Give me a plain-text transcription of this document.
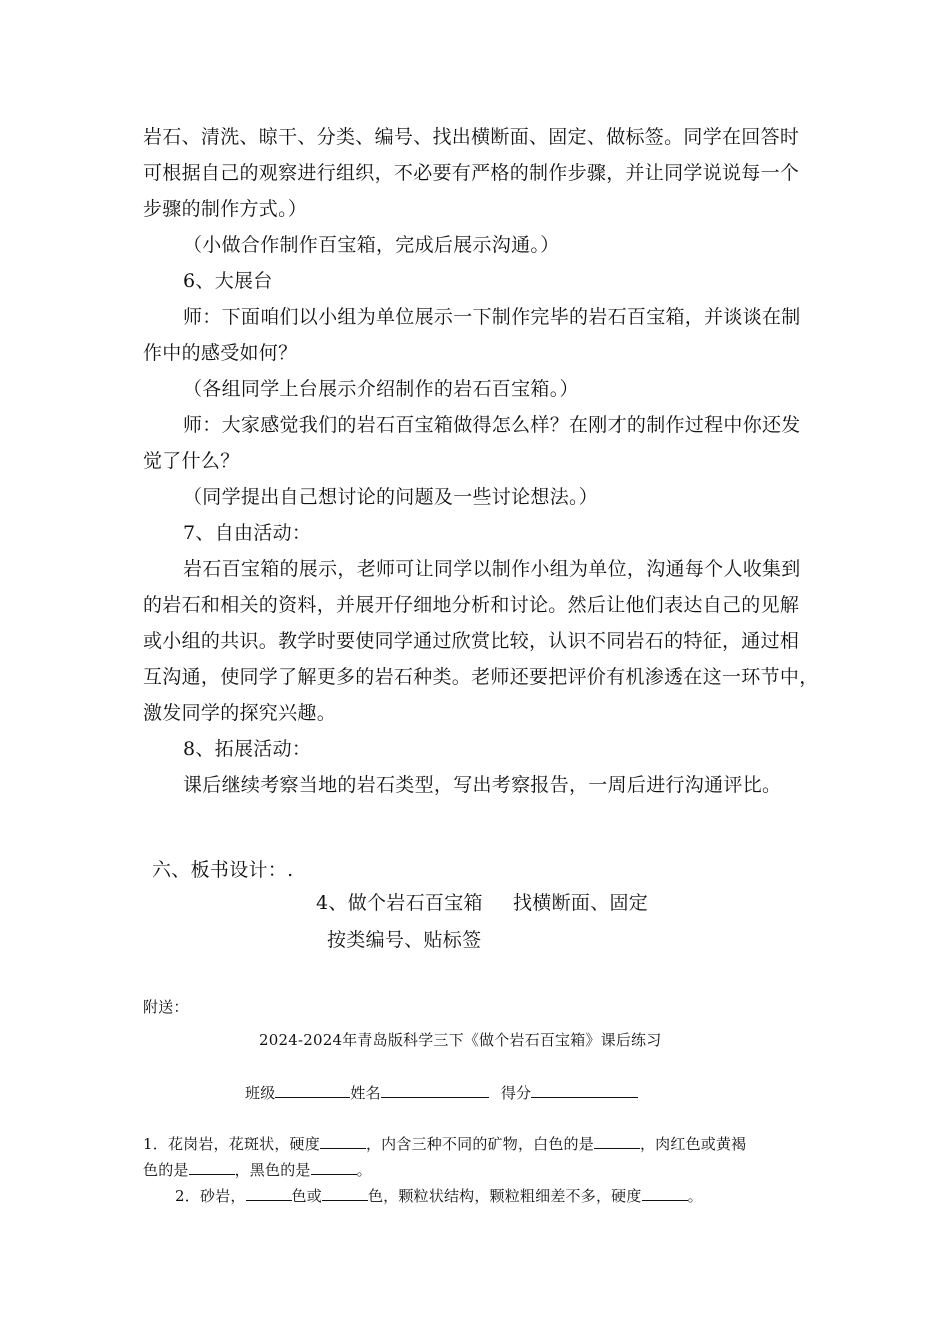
岩石、清洗、晾干、分类、编号、找出横断面、固定、做标签。同学在回答时
可根据自己的观察进行组织，不必要有严格的制作步骤，并让同学说说每一个
步骤的制作方式。）
（小做合作制作百宝箱，完成后展示沟通。）
6、大展台
师：下面咱们以小组为单位展示一下制作完毕的岩石百宝箱，并谈谈在制
作中的感受如何？
（各组同学上台展示介绍制作的岩石百宝箱。）
师：大家感觉我们的岩石百宝箱做得怎么样？在刚才的制作过程中你还发
觉了什么？
（同学提出自己想讨论的问题及一些讨论想法。）
7、自由活动：
岩石百宝箱的展示，老师可让同学以制作小组为单位，沟通每个人收集到
的岩石和相关的资料，并展开仔细地分析和讨论。然后让他们表达自己的见解
或小组的共识。教学时要使同学通过欣赏比较，认识不同岩石的特征，通过相
互沟通，使同学了解更多的岩石种类。老师还要把评价有机渗透在这一环节中，
激发同学的探究兴趣。
8、拓展活动：
课后继续考察当地的岩石类型，写出考察报告，一周后进行沟通评比。
六、板书设计：.
4、做个岩石百宝箱 找横断面、固定
按类编号、贴标签
附送：
2024-2024年青岛版科学三下《做个岩石百宝箱》课后练习
班级	姓名	得分
1．花岗岩，花斑状，硬度	，内含三种不同的矿物，白色的是	，肉红色或黄褐
色的是	，黑色的是	。
2．砂岩，	色或	色，颗粒状结构，颗粒粗细差不多，硬度	。
